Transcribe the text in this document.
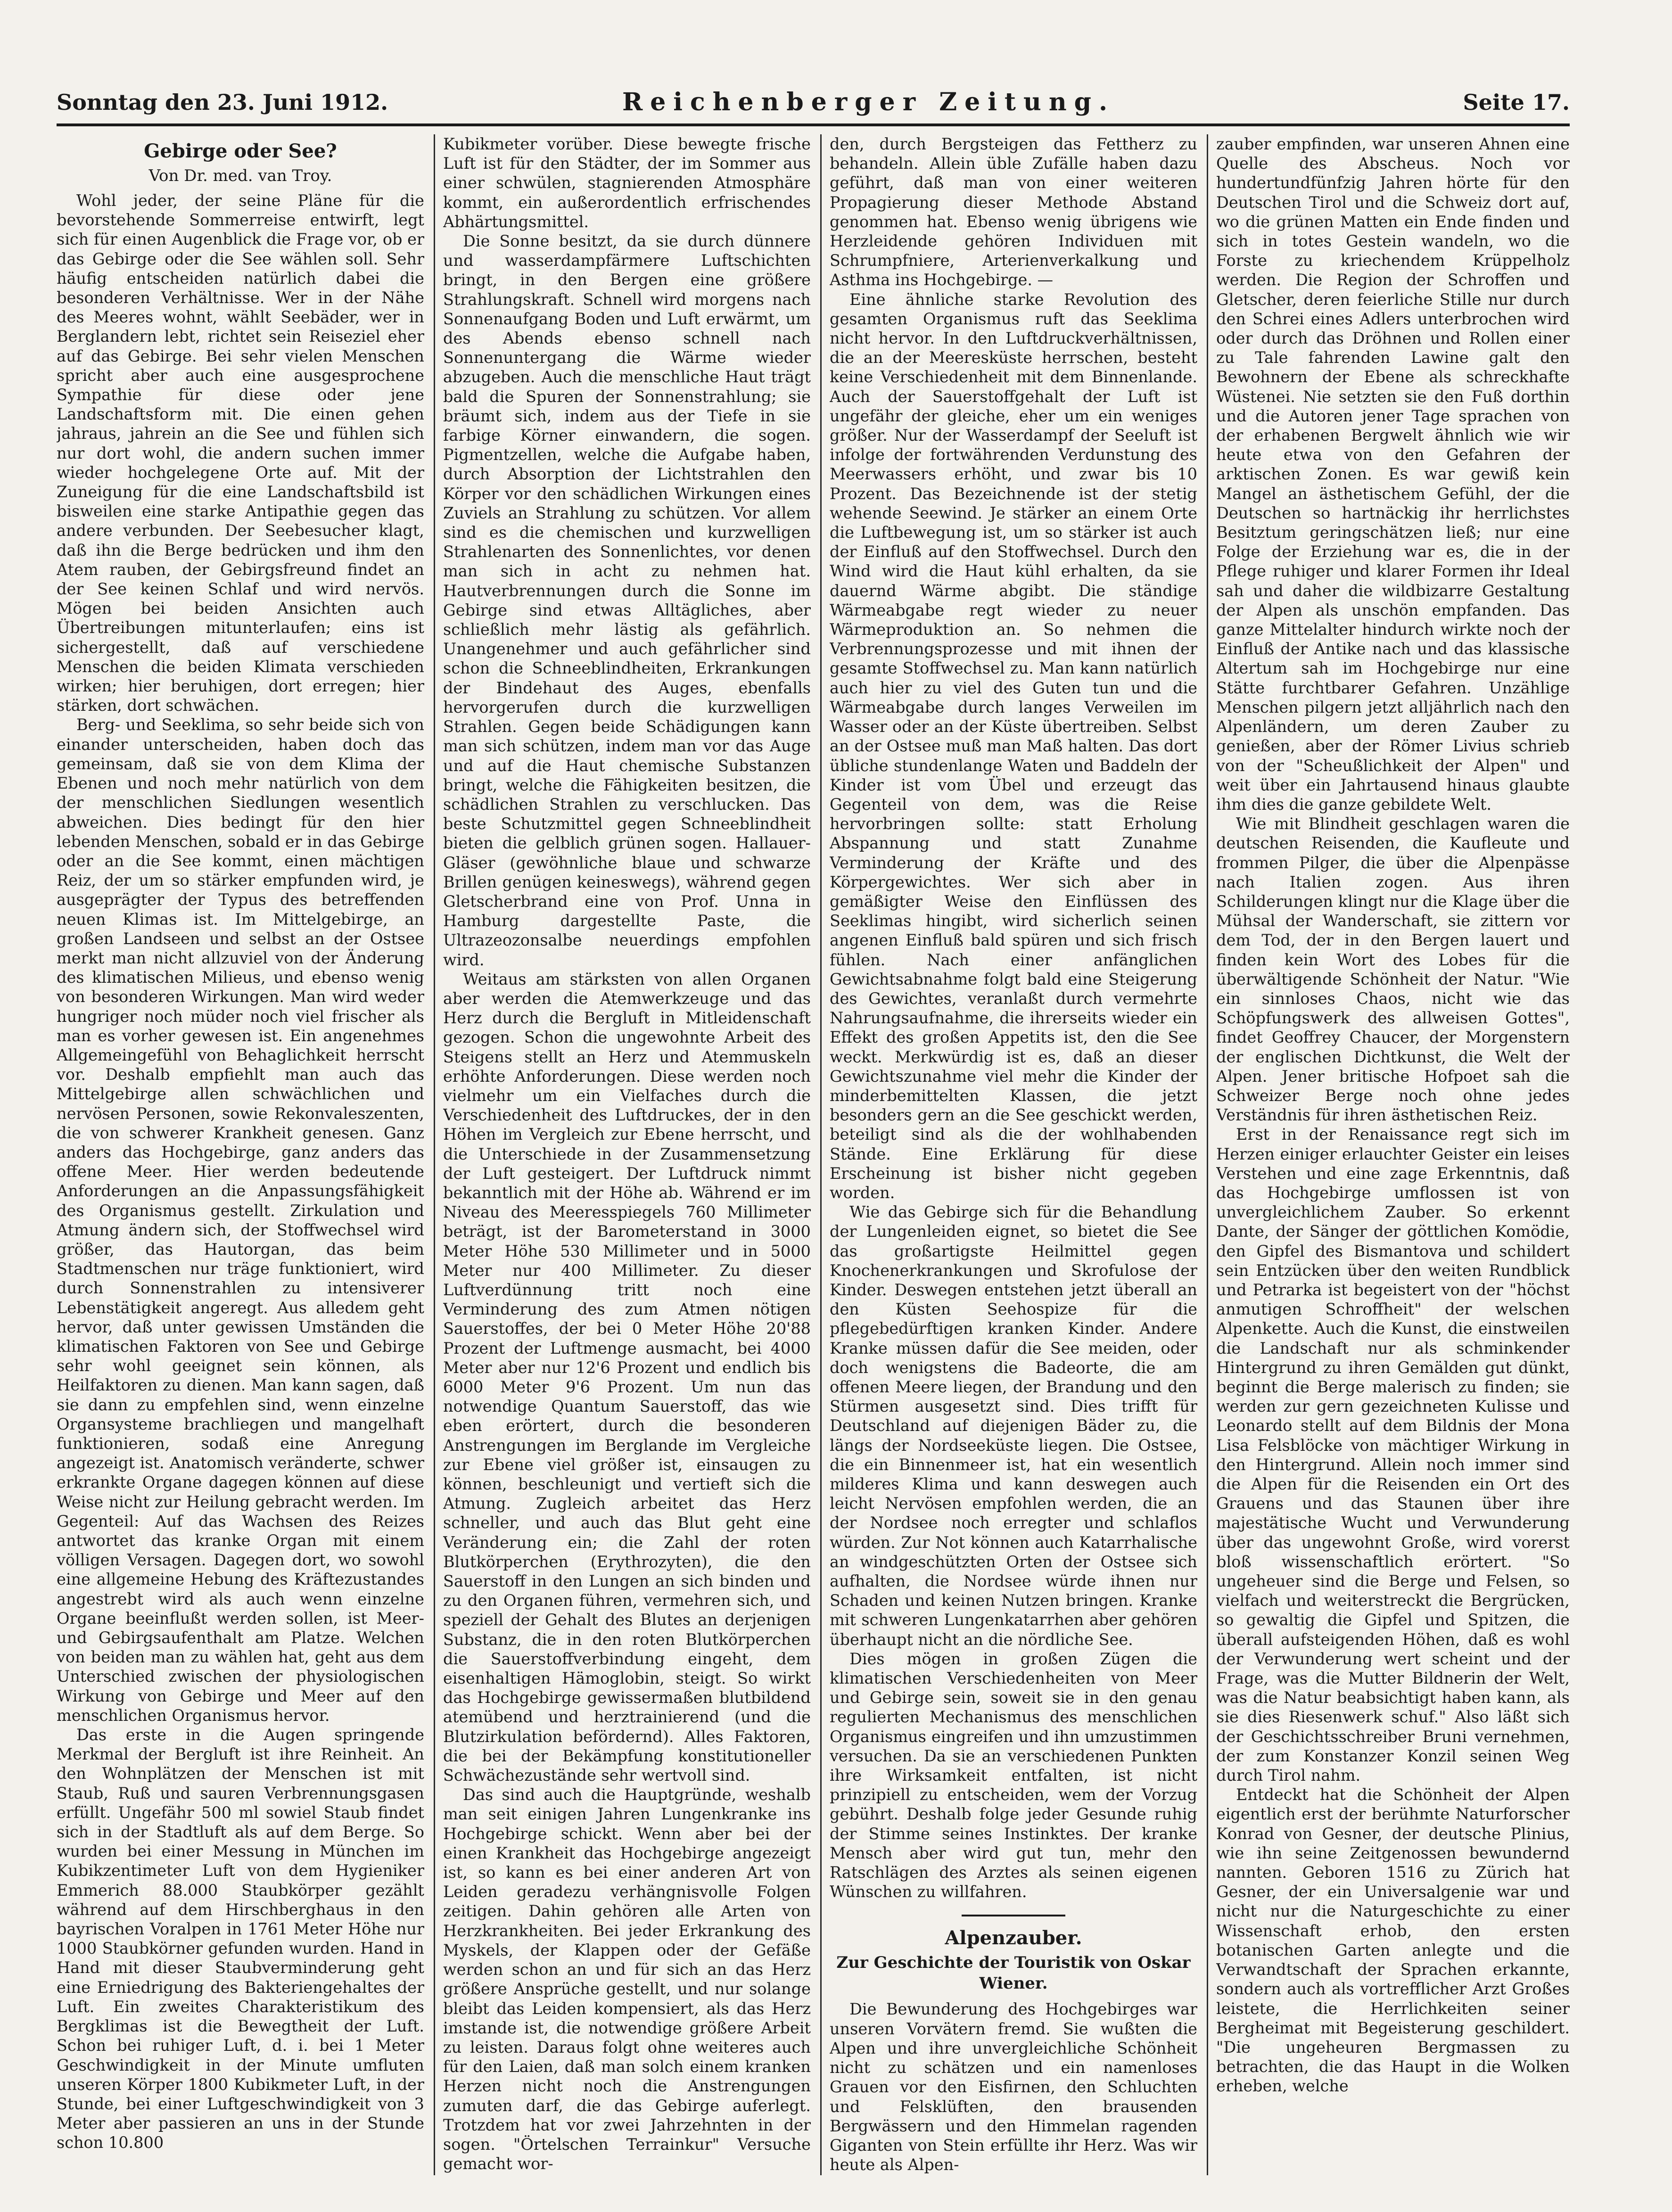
Sonntag den 23. Juni 1912.	Reichenberger Zeitung.	Seite 17.
Gebirge oder See?
Von Dr. med. van Troy.

Wohl jeder, der seine Pläne für die bevorstehende Sommerreise entwirft, legt sich für einen Augenblick die Frage vor, ob er das Gebirge oder die See wählen soll. Sehr häufig entscheiden natürlich dabei die besonderen Verhältnisse. Wer in der Nähe des Meeres wohnt, wählt Seebäder, wer in Berglandern lebt, richtet sein Reiseziel eher auf das Gebirge. Bei sehr vielen Menschen spricht aber auch eine ausgesprochene Sympathie für diese oder jene Landschaftsform mit. Die einen gehen jahraus, jahrein an die See und fühlen sich nur dort wohl, die andern suchen immer wieder hochgelegene Orte auf. Mit der Zuneigung für die eine Landschaftsbild ist bisweilen eine starke Antipathie gegen das andere verbunden. Der Seebesucher klagt, daß ihn die Berge bedrücken und ihm den Atem rauben, der Gebirgsfreund findet an der See keinen Schlaf und wird nervös. Mögen bei beiden Ansichten auch Übertreibungen mitunterlaufen; eins ist sichergestellt, daß auf verschiedene Menschen die beiden Klimata verschieden wirken; hier beruhigen, dort erregen; hier stärken, dort schwächen.

Berg- und Seeklima, so sehr beide sich von einander unterscheiden, haben doch das gemeinsam, daß sie von dem Klima der Ebenen und noch mehr natürlich von dem der menschlichen Siedlungen wesentlich abweichen. Dies bedingt für den hier lebenden Menschen, sobald er in das Gebirge oder an die See kommt, einen mächtigen Reiz, der um so stärker empfunden wird, je ausgeprägter der Typus des betreffenden neuen Klimas ist. Im Mittelgebirge, an großen Landseen und selbst an der Ostsee merkt man nicht allzuviel von der Änderung des klimatischen Milieus, und ebenso wenig von besonderen Wirkungen. Man wird weder hungriger noch müder noch viel frischer als man es vorher gewesen ist. Ein angenehmes Allgemeingefühl von Behaglichkeit herrscht vor. Deshalb empfiehlt man auch das Mittelgebirge allen schwächlichen und nervösen Personen, sowie Rekonvaleszenten, die von schwerer Krankheit genesen. Ganz anders das Hochgebirge, ganz anders das offene Meer. Hier werden bedeutende Anforderungen an die Anpassungsfähigkeit des Organismus gestellt. Zirkulation und Atmung ändern sich, der Stoffwechsel wird größer, das Hautorgan, das beim Stadtmenschen nur träge funktioniert, wird durch Sonnenstrahlen zu intensiverer Lebenstätigkeit angeregt. Aus alledem geht hervor, daß unter gewissen Umständen die klimatischen Faktoren von See und Gebirge sehr wohl geeignet sein können, als Heilfaktoren zu dienen. Man kann sagen, daß sie dann zu empfehlen sind, wenn einzelne Organsysteme brachliegen und mangelhaft funktionieren, sodaß eine Anregung angezeigt ist. Anatomisch veränderte, schwer erkrankte Organe dagegen können auf diese Weise nicht zur Heilung gebracht werden. Im Gegenteil: Auf das Wachsen des Reizes antwortet das kranke Organ mit einem völligen Versagen. Dagegen dort, wo sowohl eine allgemeine Hebung des Kräftezustandes angestrebt wird als auch wenn einzelne Organe beeinflußt werden sollen, ist Meer- und Gebirgsaufenthalt am Platze. Welchen von beiden man zu wählen hat, geht aus dem Unterschied zwischen der physiologischen Wirkung von Gebirge und Meer auf den menschlichen Organismus hervor.

Das erste in die Augen springende Merkmal der Bergluft ist ihre Reinheit. An den Wohnplätzen der Menschen ist mit Staub, Ruß und sauren Verbrennungsgasen erfüllt. Ungefähr 500 ml sowiel Staub findet sich in der Stadtluft als auf dem Berge. So wurden bei einer Messung in München im Kubikzentimeter Luft von dem Hygieniker Emmerich 88.000 Staubkörper gezählt während auf dem Hirschberghaus in den bayrischen Voralpen in 1761 Meter Höhe nur 1000 Staubkörner gefunden wurden. Hand in Hand mit dieser Staubverminderung geht eine Erniedrigung des Bakteriengehaltes der Luft. Ein zweites Charakteristikum des Bergklimas ist die Bewegtheit der Luft. Schon bei ruhiger Luft, d. i. bei 1 Meter Geschwindigkeit in der Minute umfluten unseren Körper 1800 Kubikmeter Luft, in der Stunde, bei einer Luftgeschwindigkeit von 3 Meter aber passieren an uns in der Stunde schon 10.800

Kubikmeter vorüber. Diese bewegte frische Luft ist für den Städter, der im Sommer aus einer schwülen, stagnierenden Atmosphäre kommt, ein außerordentlich erfrischendes Abhärtungsmittel.

Die Sonne besitzt, da sie durch dünnere und wasserdampfärmere Luftschichten bringt, in den Bergen eine größere Strahlungskraft. Schnell wird morgens nach Sonnenaufgang Boden und Luft erwärmt, um des Abends ebenso schnell nach Sonnenuntergang die Wärme wieder abzugeben. Auch die menschliche Haut trägt bald die Spuren der Sonnenstrahlung; sie bräumt sich, indem aus der Tiefe in sie farbige Körner einwandern, die sogen. Pigmentzellen, welche die Aufgabe haben, durch Absorption der Lichtstrahlen den Körper vor den schädlichen Wirkungen eines Zuviels an Strahlung zu schützen. Vor allem sind es die chemischen und kurzwelligen Strahlenarten des Sonnenlichtes, vor denen man sich in acht zu nehmen hat. Hautverbrennungen durch die Sonne im Gebirge sind etwas Alltägliches, aber schließlich mehr lästig als gefährlich. Unangenehmer und auch gefährlicher sind schon die Schneeblindheiten, Erkrankungen der Bindehaut des Auges, ebenfalls hervorgerufen durch die kurzwelligen Strahlen. Gegen beide Schädigungen kann man sich schützen, indem man vor das Auge und auf die Haut chemische Substanzen bringt, welche die Fähigkeiten besitzen, die schädlichen Strahlen zu verschlucken. Das beste Schutzmittel gegen Schneeblindheit bieten die gelblich grünen sogen. Hallauer-Gläser (gewöhnliche blaue und schwarze Brillen genügen keineswegs), während gegen Gletscherbrand eine von Prof. Unna in Hamburg dargestellte Paste, die Ultrazeozonsalbe neuerdings empfohlen wird.

Weitaus am stärksten von allen Organen aber werden die Atemwerkzeuge und das Herz durch die Bergluft in Mitleidenschaft gezogen. Schon die ungewohnte Arbeit des Steigens stellt an Herz und Atemmuskeln erhöhte Anforderungen. Diese werden noch vielmehr um ein Vielfaches durch die Verschiedenheit des Luftdruckes, der in den Höhen im Vergleich zur Ebene herrscht, und die Unterschiede in der Zusammensetzung der Luft gesteigert. Der Luftdruck nimmt bekanntlich mit der Höhe ab. Während er im Niveau des Meeresspiegels 760 Millimeter beträgt, ist der Barometerstand in 3000 Meter Höhe 530 Millimeter und in 5000 Meter nur 400 Millimeter. Zu dieser Luftverdünnung tritt noch eine Verminderung des zum Atmen nötigen Sauerstoffes, der bei 0 Meter Höhe 20'88 Prozent der Luftmenge ausmacht, bei 4000 Meter aber nur 12'6 Prozent und endlich bis 6000 Meter 9'6 Prozent. Um nun das notwendige Quantum Sauerstoff, das wie eben erörtert, durch die besonderen Anstrengungen im Berglande im Vergleiche zur Ebene viel größer ist, einsaugen zu können, beschleunigt und vertieft sich die Atmung. Zugleich arbeitet das Herz schneller, und auch das Blut geht eine Veränderung ein; die Zahl der roten Blutkörperchen (Erythrozyten), die den Sauerstoff in den Lungen an sich binden und zu den Organen führen, vermehren sich, und speziell der Gehalt des Blutes an derjenigen Substanz, die in den roten Blutkörperchen die Sauerstoffverbindung eingeht, dem eisenhaltigen Hämoglobin, steigt. So wirkt das Hochgebirge gewissermaßen blutbildend atemübend und herztrainierend (und die Blutzirkulation befördernd). Alles Faktoren, die bei der Bekämpfung konstitutioneller Schwächezustände sehr wertvoll sind.

Das sind auch die Hauptgründe, weshalb man seit einigen Jahren Lungenkranke ins Hochgebirge schickt. Wenn aber bei der einen Krankheit das Hochgebirge angezeigt ist, so kann es bei einer anderen Art von Leiden geradezu verhängnisvolle Folgen zeitigen. Dahin gehören alle Arten von Herzkrankheiten. Bei jeder Erkrankung des Myskels, der Klappen oder der Gefäße werden schon an und für sich an das Herz größere Ansprüche gestellt, und nur solange bleibt das Leiden kompensiert, als das Herz imstande ist, die notwendige größere Arbeit zu leisten. Daraus folgt ohne weiteres auch für den Laien, daß man solch einem kranken Herzen nicht noch die Anstrengungen zumuten darf, die das Gebirge auferlegt. Trotzdem hat vor zwei Jahrzehnten in der sogen. "Örtelschen Terrainkur" Versuche gemacht wor-

den, durch Bergsteigen das Fettherz zu behandeln. Allein üble Zufälle haben dazu geführt, daß man von einer weiteren Propagierung dieser Methode Abstand genommen hat. Ebenso wenig übrigens wie Herzleidende gehören Individuen mit Schrumpfniere, Arterienverkalkung und Asthma ins Hochgebirge. —

Eine ähnliche starke Revolution des gesamten Organismus ruft das Seeklima nicht hervor. In den Luftdruckverhältnissen, die an der Meeresküste herrschen, besteht keine Verschiedenheit mit dem Binnenlande. Auch der Sauerstoffgehalt der Luft ist ungefähr der gleiche, eher um ein weniges größer. Nur der Wasserdampf der Seeluft ist infolge der fortwährenden Verdunstung des Meerwassers erhöht, und zwar bis 10 Prozent. Das Bezeichnende ist der stetig wehende Seewind. Je stärker an einem Orte die Luftbewegung ist, um so stärker ist auch der Einfluß auf den Stoffwechsel. Durch den Wind wird die Haut kühl erhalten, da sie dauernd Wärme abgibt. Die ständige Wärmeabgabe regt wieder zu neuer Wärmeproduktion an. So nehmen die Verbrennungsprozesse und mit ihnen der gesamte Stoffwechsel zu. Man kann natürlich auch hier zu viel des Guten tun und die Wärmeabgabe durch langes Verweilen im Wasser oder an der Küste übertreiben. Selbst an der Ostsee muß man Maß halten. Das dort übliche stundenlange Waten und Baddeln der Kinder ist vom Übel und erzeugt das Gegenteil von dem, was die Reise hervorbringen sollte: statt Erholung Abspannung und statt Zunahme Verminderung der Kräfte und des Körpergewichtes. Wer sich aber in gemäßigter Weise den Einflüssen des Seeklimas hingibt, wird sicherlich seinen angenen Einfluß bald spüren und sich frisch fühlen. Nach einer anfänglichen Gewichtsabnahme folgt bald eine Steigerung des Gewichtes, veranlaßt durch vermehrte Nahrungsaufnahme, die ihrerseits wieder ein Effekt des großen Appetits ist, den die See weckt. Merkwürdig ist es, daß an dieser Gewichtszunahme viel mehr die Kinder der minderbemittelten Klassen, die jetzt besonders gern an die See geschickt werden, beteiligt sind als die der wohlhabenden Stände. Eine Erklärung für diese Erscheinung ist bisher nicht gegeben worden.

Wie das Gebirge sich für die Behandlung der Lungenleiden eignet, so bietet die See das großartigste Heilmittel gegen Knochenerkrankungen und Skrofulose der Kinder. Deswegen entstehen jetzt überall an den Küsten Seehospize für die pflegebedürftigen kranken Kinder. Andere Kranke müssen dafür die See meiden, oder doch wenigstens die Badeorte, die am offenen Meere liegen, der Brandung und den Stürmen ausgesetzt sind. Dies trifft für Deutschland auf diejenigen Bäder zu, die längs der Nordseeküste liegen. Die Ostsee, die ein Binnenmeer ist, hat ein wesentlich milderes Klima und kann deswegen auch leicht Nervösen empfohlen werden, die an der Nordsee noch erregter und schlaflos würden. Zur Not können auch Katarrhalische an windgeschützten Orten der Ostsee sich aufhalten, die Nordsee würde ihnen nur Schaden und keinen Nutzen bringen. Kranke mit schweren Lungenkatarrhen aber gehören überhaupt nicht an die nördliche See.

Dies mögen in großen Zügen die klimatischen Verschiedenheiten von Meer und Gebirge sein, soweit sie in den genau regulierten Mechanismus des menschlichen Organismus eingreifen und ihn umzustimmen versuchen. Da sie an verschiedenen Punkten ihre Wirksamkeit entfalten, ist nicht prinzipiell zu entscheiden, wem der Vorzug gebührt. Deshalb folge jeder Gesunde ruhig der Stimme seines Instinktes. Der kranke Mensch aber wird gut tun, mehr den Ratschlägen des Arztes als seinen eigenen Wünschen zu willfahren.

Alpenzauber.
Zur Geschichte der Touristik von Oskar Wiener.

Die Bewunderung des Hochgebirges war unseren Vorvätern fremd. Sie wußten die Alpen und ihre unvergleichliche Schönheit nicht zu schätzen und ein namenloses Grauen vor den Eisfirnen, den Schluchten und Felsklüften, den brausenden Bergwässern und den Himmelan ragenden Giganten von Stein erfüllte ihr Herz. Was wir heute als Alpen-

zauber empfinden, war unseren Ahnen eine Quelle des Abscheus. Noch vor hundertundfünfzig Jahren hörte für den Deutschen Tirol und die Schweiz dort auf, wo die grünen Matten ein Ende finden und sich in totes Gestein wandeln, wo die Forste zu kriechendem Krüppelholz werden. Die Region der Schroffen und Gletscher, deren feierliche Stille nur durch den Schrei eines Adlers unterbrochen wird oder durch das Dröhnen und Rollen einer zu Tale fahrenden Lawine galt den Bewohnern der Ebene als schreckhafte Wüstenei. Nie setzten sie den Fuß dorthin und die Autoren jener Tage sprachen von der erhabenen Bergwelt ähnlich wie wir heute etwa von den Gefahren der arktischen Zonen. Es war gewiß kein Mangel an ästhetischem Gefühl, der die Deutschen so hartnäckig ihr herrlichstes Besitztum geringschätzen ließ; nur eine Folge der Erziehung war es, die in der Pflege ruhiger und klarer Formen ihr Ideal sah und daher die wildbizarre Gestaltung der Alpen als unschön empfanden. Das ganze Mittelalter hindurch wirkte noch der Einfluß der Antike nach und das klassische Altertum sah im Hochgebirge nur eine Stätte furchtbarer Gefahren. Unzählige Menschen pilgern jetzt alljährlich nach den Alpenländern, um deren Zauber zu genießen, aber der Römer Livius schrieb von der "Scheußlichkeit der Alpen" und weit über ein Jahrtausend hinaus glaubte ihm dies die ganze gebildete Welt.

Wie mit Blindheit geschlagen waren die deutschen Reisenden, die Kaufleute und frommen Pilger, die über die Alpenpässe nach Italien zogen. Aus ihren Schilderungen klingt nur die Klage über die Mühsal der Wanderschaft, sie zittern vor dem Tod, der in den Bergen lauert und finden kein Wort des Lobes für die überwältigende Schönheit der Natur. "Wie ein sinnloses Chaos, nicht wie das Schöpfungswerk des allweisen Gottes", findet Geoffrey Chaucer, der Morgenstern der englischen Dichtkunst, die Welt der Alpen. Jener britische Hofpoet sah die Schweizer Berge noch ohne jedes Verständnis für ihren ästhetischen Reiz.

Erst in der Renaissance regt sich im Herzen einiger erlauchter Geister ein leises Verstehen und eine zage Erkenntnis, daß das Hochgebirge umflossen ist von unvergleichlichem Zauber. So erkennt Dante, der Sänger der göttlichen Komödie, den Gipfel des Bismantova und schildert sein Entzücken über den weiten Rundblick und Petrarka ist begeistert von der "höchst anmutigen Schroffheit" der welschen Alpenkette. Auch die Kunst, die einstweilen die Landschaft nur als schminkender Hintergrund zu ihren Gemälden gut dünkt, beginnt die Berge malerisch zu finden; sie werden zur gern gezeichneten Kulisse und Leonardo stellt auf dem Bildnis der Mona Lisa Felsblöcke von mächtiger Wirkung in den Hintergrund. Allein noch immer sind die Alpen für die Reisenden ein Ort des Grauens und das Staunen über ihre majestätische Wucht und Verwunderung über das ungewohnt Große, wird vorerst bloß wissenschaftlich erörtert. "So ungeheuer sind die Berge und Felsen, so vielfach und weiterstreckt die Bergrücken, so gewaltig die Gipfel und Spitzen, die überall aufsteigenden Höhen, daß es wohl der Verwunderung wert scheint und der Frage, was die Mutter Bildnerin der Welt, was die Natur beabsichtigt haben kann, als sie dies Riesenwerk schuf." Also läßt sich der Geschichtsschreiber Bruni vernehmen, der zum Konstanzer Konzil seinen Weg durch Tirol nahm.

Entdeckt hat die Schönheit der Alpen eigentlich erst der berühmte Naturforscher Konrad von Gesner, der deutsche Plinius, wie ihn seine Zeitgenossen bewundernd nannten. Geboren 1516 zu Zürich hat Gesner, der ein Universalgenie war und nicht nur die Naturgeschichte zu einer Wissenschaft erhob, den ersten botanischen Garten anlegte und die Verwandtschaft der Sprachen erkannte, sondern auch als vortrefflicher Arzt Großes leistete, die Herrlichkeiten seiner Bergheimat mit Begeisterung geschildert. "Die ungeheuren Bergmassen zu betrachten, die das Haupt in die Wolken erheben, welche
